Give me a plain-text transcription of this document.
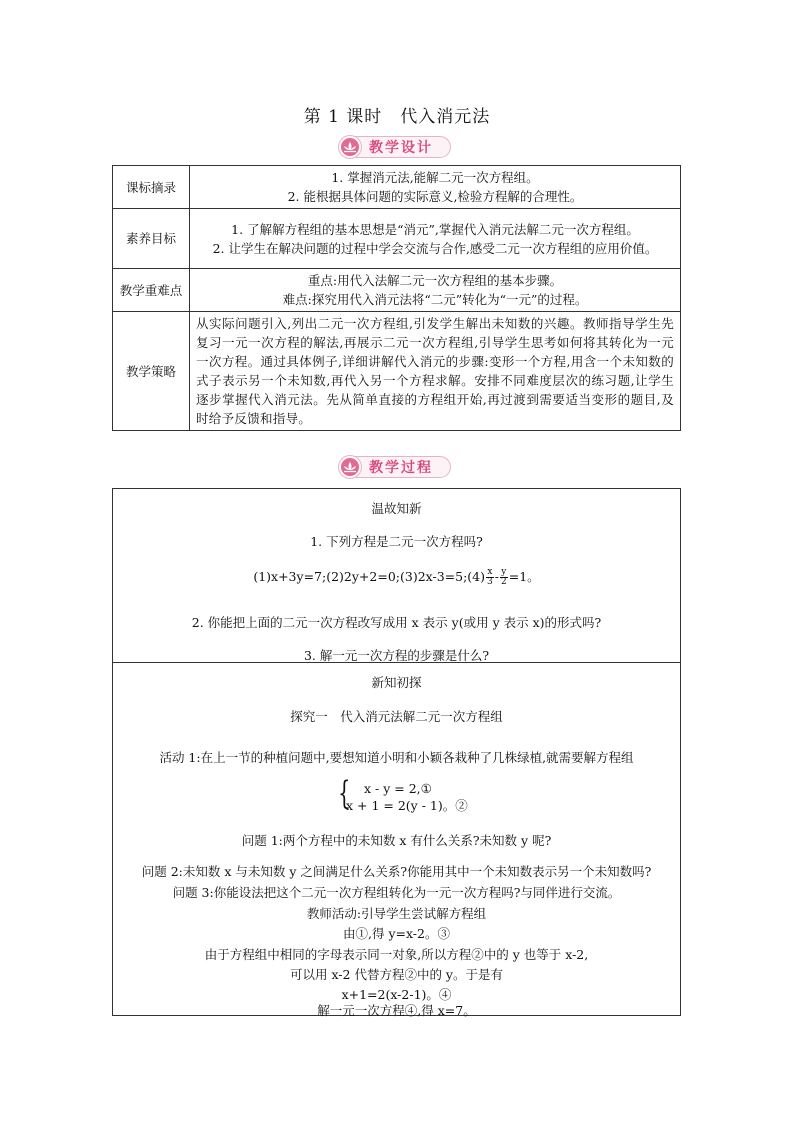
第 1 课时　代入消元法
教学设计
课标摘录	1. 掌握消元法,能解二元一次方程组。
2. 能根据具体问题的实际意义,检验方程解的合理性。

素养目标	1. 了解解方程组的基本思想是“消元”,掌握代入消元法解二元一次方程组。
2. 让学生在解决问题的过程中学会交流与合作,感受二元一次方程组的应用价值。

教学重难点	重点:用代入法解二元一次方程组的基本步骤。
难点:探究用代入消元法将“二元”转化为“一元”的过程。

教学策略	从实际问题引入,列出二元一次方程组,引发学生解出未知数的兴趣。教师指导学生先复习一元一次方程的解法,再展示二元一次方程组,引导学生思考如何将其转化为一元一次方程。通过具体例子,详细讲解代入消元的步骤:变形一个方程,用含一个未知数的式子表示另一个未知数,再代入另一个方程求解。安排不同难度层次的练习题,让学生逐步掌握代入消元法。先从简单直接的方程组开始,再过渡到需要适当变形的题目,及时给予反馈和指导。
教学过程
温故知新
1. 下列方程是二元一次方程吗?
(1)x+3y=7;(2)2y+2=0;(3)2x-3=5;(4) $\frac{x}{3} - \frac{y}{2} =1$。
2. 你能把上面的二元一次方程改写成用 x 表示 y(或用 y 表示 x)的形式吗?
3. 解一元一次方程的步骤是什么?
新知初探
探究一　代入消元法解二元一次方程组
活动 1:在上一节的种植问题中,要想知道小明和小颖各栽种了几株绿植,就需要解方程组
{ x - y = 2,①
x + 1 = 2(y - 1)。②
问题 1:两个方程中的未知数 x 有什么关系?未知数 y 呢?
问题 2:未知数 x 与未知数 y 之间满足什么关系?你能用其中一个未知数表示另一个未知数吗?
问题 3:你能设法把这个二元一次方程组转化为一元一次方程吗?与同伴进行交流。
教师活动:引导学生尝试解方程组
由①,得 y=x-2。③
由于方程组中相同的字母表示同一对象,所以方程②中的 y 也等于 x-2,
可以用 x-2 代替方程②中的 y。于是有
x+1=2(x-2-1)。④
解一元一次方程④,得 x=7。
